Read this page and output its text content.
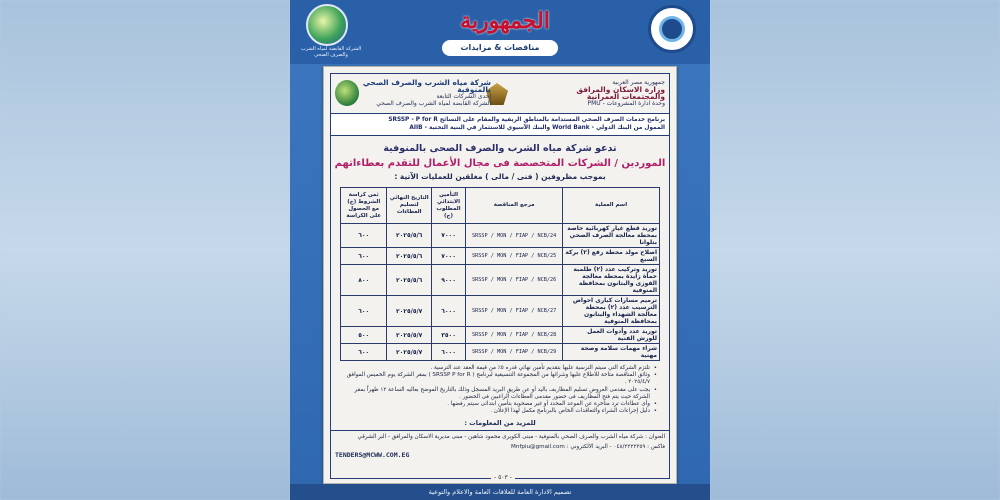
الشركة القابضة لمياه الشرب والصرف الصحي
الجمهورية
مناقصات & مزايدات
جمهورية مصر العربية
وزارة الاسكان والمرافق والمجتمعات العمرانية
وحدة ادارة المشروعات - PMU
شركة مياه الشرب والصرف الصحي بالمنوفية
إحدى الشركات التابعة
الشركة القابضة لمياه الشرب والصرف الصحي
برنامج خدمات الصرف الصحي المستدامة بالمناطق الريفية والمقام على التسائج SRSSP - P for R
الممول من البنك الدولي - World Bank والبنك الآسيوي للاستثمار في البنية التحتية - AIIB
تدعو شركة مياه الشرب والصرف الصحى بالمنوفية
الموردين / الشركات المتخصصة فى مجال الأعمال للتقدم بعطاءاتهم
بموجب مظروفين ( فنى / مالى ) مغلقين للعمليات الآتية :
اسم العملية	مرجع المناقصة	التأمين الابتدائي المطلوب (ج)	التاريخ النهائي لتسليم العطاءات	ثمن كراسة الشروط (ج) مع الحصول على الكراسة
توريد قطع غيار كهربائية خاصة بمحطة معالجة الصرف الصحي بتلوانا	SRSSP / MON / FIAP / NCB/24	٧٠٠٠	٢٠٢٥/٥/٦	٦٠٠
اصلاح مولد محطة رفع (٢) بركة السبع	SRSSP / MON / FIAP / NCB/25	٧٠٠٠	٢٠٢٥/٥/٦	٦٠٠
توريد وتركيب عدد (٢) طلمبة حمأة زايدة بمحطة معالجة الفوزى والبتانون بمحافظة المنوفية	SRSSP / MON / FIAP / NCB/26	٩٠٠٠	٢٠٢٥/٥/٦	٨٠٠
ترميم مسارات كبارى احواض الترسيب عدد (٢) بمحطة معالجة الشهداء والبتانون بمحافظة المنوفية	SRSSP / MON / FIAP / NCB/27	٦٠٠٠	٢٠٢٥/٥/٧	٦٠٠
توريد عدد وأدوات العمل للورش الفنية	SRSSP / MON / FIAP / NCB/28	٣٥٠٠	٢٠٢٥/٥/٧	٥٠٠
شراء مهمات سلامة وصحة مهنية	SRSSP / MON / FIAP / NCB/29	٦٠٠٠	٢٠٢٥/٥/٧	٦٠٠
• تلتزم الشركة التي سيتم الترسية عليها بتقديم تأمين نهائي قدره ٥٪ من قيمة العقد عند الترسية .
• وثائق المناقصة متاحة للاطلاع عليها وشرائها من المجموعة التنسيقية لبرنامج ( SRSSP P for R ) بمقر الشركة يوم الخميس الموافق ٢٠٢٥/٤/٧ .
• يجب على مقدمى العروض تسليم المظاريف باليد أو عن طريق البريد المسجل وذلك بالتاريخ الموضح بعاليه الساعة ١٢ ظهراً بمقر الشركة حيث يتم فتح المظاريف فى حضور مقدمى العطاءات الراغبين فى الحضور .
• وأى عطاءات ترد متأخرة عن الموعد المحدد أو غير مصحوبة بتأمين ابتدائى سيتم رفضها .
• دليل إجراءات الشراء والتعاقدات الخاص بالبرنامج مكمل لهذا الإعلان .
للمزيد من المعلومات :
العنوان : شركة مياه الشرب والصرف الصحي بالمنوفية - مبنى الكوبرى محمود شاهين - مبنى مديرية الاسكان والمرافق - البر الشرقي
فاكس : ٠٤٨/٢٢٢٢٣٥٩ - البريد الالكتروني : Mnfpiu@gmail.com
TENDERS@MCWW.COM.EG
- ٥٠٣ -
تصميم الادارة العامة للعلاقات العامة والاعلام والتوعية
